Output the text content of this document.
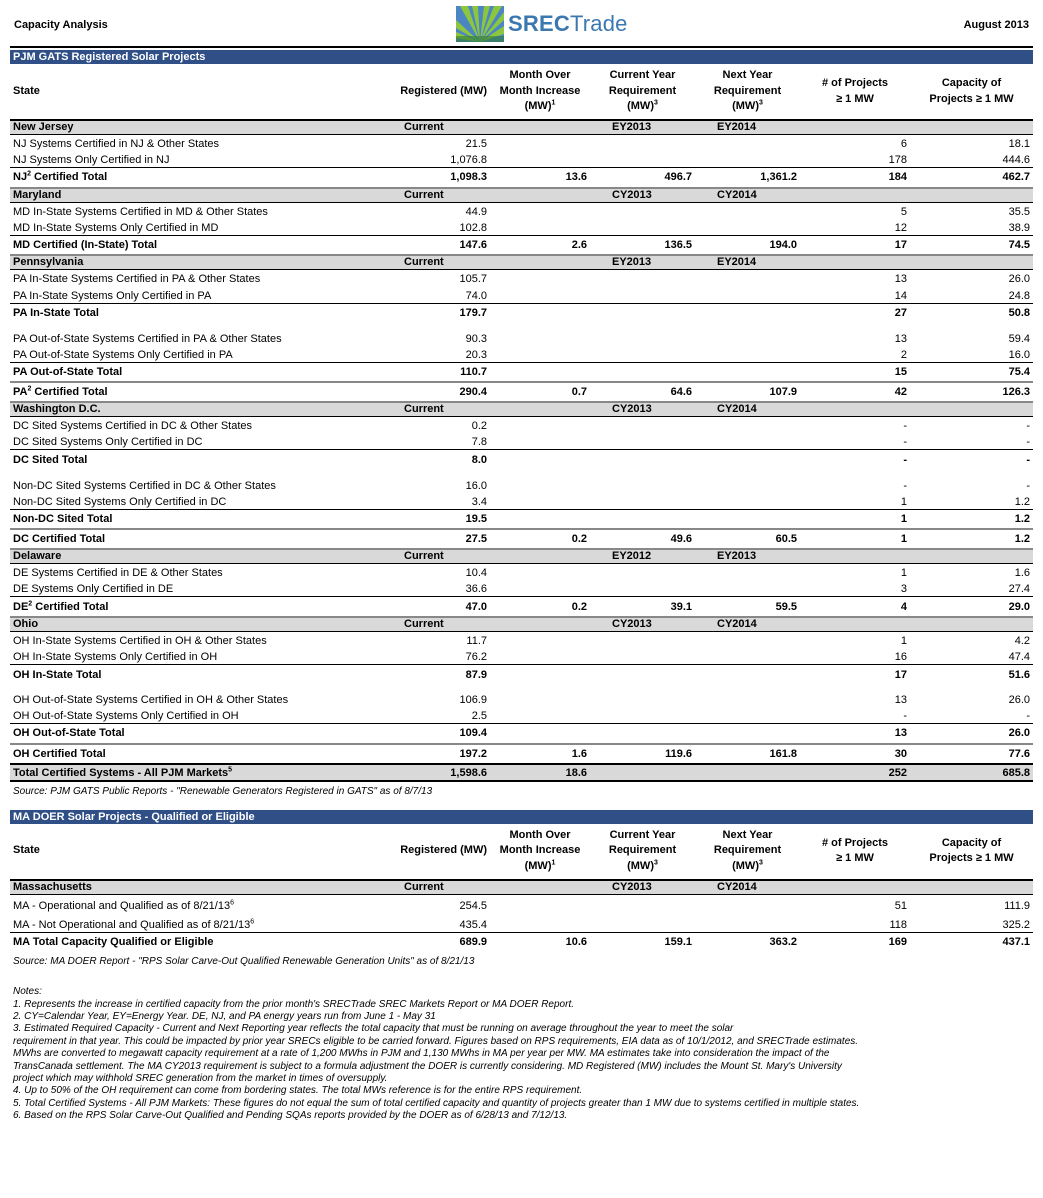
Capacity Analysis	SRECTrade	August 2013
PJM GATS Registered Solar Projects
State	Registered (MW)	Month Over
Month Increase
(MW)$^1$	Current Year
Requirement
(MW)$^3$	Next Year
Requirement
(MW)$^3$	# of Projects
≥ 1 MW	Capacity of
Projects ≥ 1 MW
New Jersey	Current		EY2013	EY2014		
NJ Systems Certified in NJ & Other States	21.5				6	18.1
NJ Systems Only Certified in NJ	1,076.8				178	444.6
$NJ^2$ Certified Total	1,098.3	13.6	496.7	1,361.2	184	462.7
Maryland	Current		CY2013	CY2014		
MD In-State Systems Certified in MD & Other States	44.9				5	35.5
MD In-State Systems Only Certified in MD	102.8				12	38.9
MD Certified (In-State) Total	147.6	2.6	136.5	194.0	17	74.5
Pennsylvania	Current		EY2013	EY2014		
PA In-State Systems Certified in PA & Other States	105.7				13	26.0
PA In-State Systems Only Certified in PA	74.0				14	24.8
PA In-State Total	179.7				27	50.8

PA Out-of-State Systems Certified in PA & Other States	90.3				13	59.4
PA Out-of-State Systems Only Certified in PA	20.3				2	16.0
PA Out-of-State Total	110.7				15	75.4
$PA^2$ Certified Total	290.4	0.7	64.6	107.9	42	126.3
Washington D.C.	Current		CY2013	CY2014		
DC Sited Systems Certified in DC & Other States	0.2				-	-
DC Sited Systems Only Certified in DC	7.8				-	-
DC Sited Total	8.0				-	-

Non-DC Sited Systems Certified in DC & Other States	16.0				-	-
Non-DC Sited Systems Only Certified in DC	3.4				1	1.2
Non-DC Sited Total	19.5				1	1.2
DC Certified Total	27.5	0.2	49.6	60.5	1	1.2
Delaware	Current		EY2012	EY2013		
DE Systems Certified in DE & Other States	10.4				1	1.6
DE Systems Only Certified in DE	36.6				3	27.4
$DE^2$ Certified Total	47.0	0.2	39.1	59.5	4	29.0
Ohio	Current		CY2013	CY2014		
OH In-State Systems Certified in OH & Other States	11.7				1	4.2
OH In-State Systems Only Certified in OH	76.2				16	47.4
OH In-State Total	87.9				17	51.6

OH Out-of-State Systems Certified in OH & Other States	106.9				13	26.0
OH Out-of-State Systems Only Certified in OH	2.5				-	-
OH Out-of-State Total	109.4				13	26.0
OH Certified Total	197.2	1.6	119.6	161.8	30	77.6
Total Certified Systems - All PJM Markets$^5$	1,598.6	18.6			252	685.8
Source: PJM GATS Public Reports - "Renewable Generators Registered in GATS" as of 8/7/13
MA DOER Solar Projects - Qualified or Eligible
State	Registered (MW)	Month Over
Month Increase
(MW)$^1$	Current Year
Requirement
(MW)$^3$	Next Year
Requirement
(MW)$^3$	# of Projects
≥ 1 MW	Capacity of
Projects ≥ 1 MW
Massachusetts	Current		CY2013	CY2014		
MA - Operational and Qualified as of $8/21/13^6$	254.5				51	111.9
MA - Not Operational and Qualified as of $8/21/13^6$	435.4				118	325.2
MA Total Capacity Qualified or Eligible	689.9	10.6	159.1	363.2	169	437.1
Source: MA DOER Report - "RPS Solar Carve-Out Qualified Renewable Generation Units" as of 8/21/13
Notes:
1. Represents the increase in certified capacity from the prior month's SRECTrade SREC Markets Report or MA DOER Report.
2. CY=Calendar Year, EY=Energy Year. DE, NJ, and PA energy years run from June 1 - May 31
3. Estimated Required Capacity - Current and Next Reporting year reflects the total capacity that must be running on average throughout the year to meet the solar
requirement in that year. This could be impacted by prior year SRECs eligible to be carried forward. Figures based on RPS requirements, EIA data as of 10/1/2012, and SRECTrade estimates.
MWhs are converted to megawatt capacity requirement at a rate of 1,200 MWhs in PJM and 1,130 MWhs in MA per year per MW. MA estimates take into consideration the impact of the
TransCanada settlement. The MA CY2013 requirement is subject to a formula adjustment the DOER is currently considering. MD Registered (MW) includes the Mount St. Mary's University
project which may withhold SREC generation from the market in times of oversupply.
4. Up to 50% of the OH requirement can come from bordering states. The total MWs reference is for the entire RPS requirement.
5. Total Certified Systems - All PJM Markets: These figures do not equal the sum of total certified capacity and quantity of projects greater than 1 MW due to systems certified in multiple states.
6. Based on the RPS Solar Carve-Out Qualified and Pending SQAs reports provided by the DOER as of 6/28/13 and 7/12/13.
